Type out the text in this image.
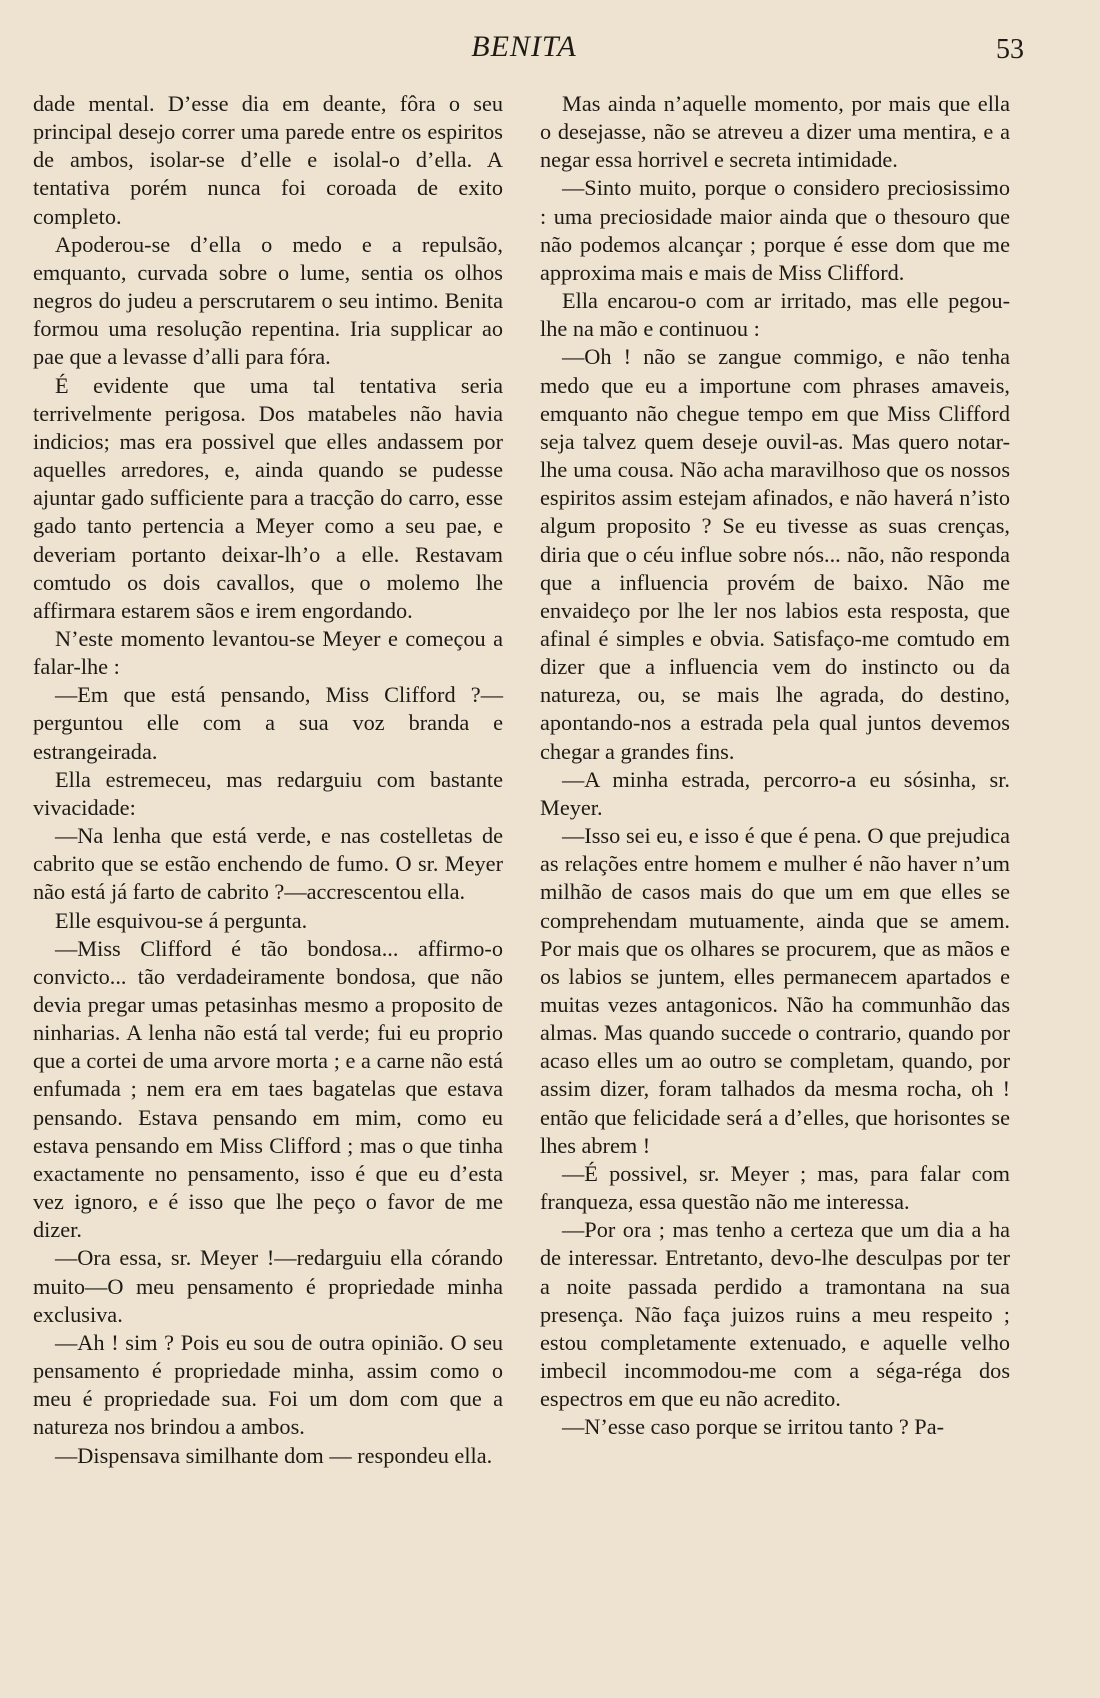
BENITA	53

dade mental. D’esse dia em deante, fôra o seu principal desejo correr uma parede entre os espiritos de ambos, isolar-se d’elle e isolal-o d’ella. A tentativa porém nunca foi coroada de exito completo.

Apoderou-se d’ella o medo e a repulsão, emquanto, curvada sobre o lume, sentia os olhos negros do judeu a perscrutarem o seu intimo. Benita formou uma resolução repentina. Iria supplicar ao pae que a levasse d’alli para fóra.

É evidente que uma tal tentativa seria terrivelmente perigosa. Dos matabeles não havia indicios; mas era possivel que elles andassem por aquelles arredores, e, ainda quando se pudesse ajuntar gado sufficiente para a tracção do carro, esse gado tanto pertencia a Meyer como a seu pae, e deveriam portanto deixar-lh’o a elle. Restavam comtudo os dois cavallos, que o molemo lhe affirmara estarem sãos e irem engordando.

N’este momento levantou-se Meyer e começou a falar-lhe :

—Em que está pensando, Miss Clifford ?— perguntou elle com a sua voz branda e estrangeirada.

Ella estremeceu, mas redarguiu com bastante vivacidade:

—Na lenha que está verde, e nas costelletas de cabrito que se estão enchendo de fumo. O sr. Meyer não está já farto de cabrito ?—accrescentou ella.

Elle esquivou-se á pergunta.

—Miss Clifford é tão bondosa... affirmo-o convicto... tão verdadeiramente bondosa, que não devia pregar umas petasinhas mesmo a proposito de ninharias. A lenha não está tal verde; fui eu proprio que a cortei de uma arvore morta ; e a carne não está enfumada ; nem era em taes bagatelas que estava pensando. Estava pensando em mim, como eu estava pensando em Miss Clifford ; mas o que tinha exactamente no pensamento, isso é que eu d’esta vez ignoro, e é isso que lhe peço o favor de me dizer.

—Ora essa, sr. Meyer !—redarguiu ella córando muito—O meu pensamento é propriedade minha exclusiva.

—Ah ! sim ? Pois eu sou de outra opinião. O seu pensamento é propriedade minha, assim como o meu é propriedade sua. Foi um dom com que a natureza nos brindou a ambos.

—Dispensava similhante dom — respondeu ella.

Mas ainda n’aquelle momento, por mais que ella o desejasse, não se atreveu a dizer uma mentira, e a negar essa horrivel e secreta intimidade.

—Sinto muito, porque o considero preciosissimo : uma preciosidade maior ainda que o thesouro que não podemos alcançar ; porque é esse dom que me approxima mais e mais de Miss Clifford.

Ella encarou-o com ar irritado, mas elle pegou-lhe na mão e continuou :

—Oh ! não se zangue commigo, e não tenha medo que eu a importune com phrases amaveis, emquanto não chegue tempo em que Miss Clifford seja talvez quem deseje ouvil-as. Mas quero notar-lhe uma cousa. Não acha maravilhoso que os nossos espiritos assim estejam afinados, e não haverá n’isto algum proposito ? Se eu tivesse as suas crenças, diria que o céu influe sobre nós... não, não responda que a influencia provém de baixo. Não me envaideço por lhe ler nos labios esta resposta, que afinal é simples e obvia. Satisfaço-me comtudo em dizer que a influencia vem do instincto ou da natureza, ou, se mais lhe agrada, do destino, apontando-nos a estrada pela qual juntos devemos chegar a grandes fins.

—A minha estrada, percorro-a eu sósinha, sr. Meyer.

—Isso sei eu, e isso é que é pena. O que prejudica as relações entre homem e mulher é não haver n’um milhão de casos mais do que um em que elles se comprehendam mutuamente, ainda que se amem. Por mais que os olhares se procurem, que as mãos e os labios se juntem, elles permanecem apartados e muitas vezes antagonicos. Não ha communhão das almas. Mas quando succede o contrario, quando por acaso elles um ao outro se completam, quando, por assim dizer, foram talhados da mesma rocha, oh ! então que felicidade será a d’elles, que horisontes se lhes abrem !

—É possivel, sr. Meyer ; mas, para falar com franqueza, essa questão não me interessa.

—Por ora ; mas tenho a certeza que um dia a ha de interessar. Entretanto, devo-lhe desculpas por ter a noite passada perdido a tramontana na sua presença. Não faça juizos ruins a meu respeito ; estou completamente extenuado, e aquelle velho imbecil incommodou-me com a séga-réga dos espectros em que eu não acredito.

—N’esse caso porque se irritou tanto ? Pa-
